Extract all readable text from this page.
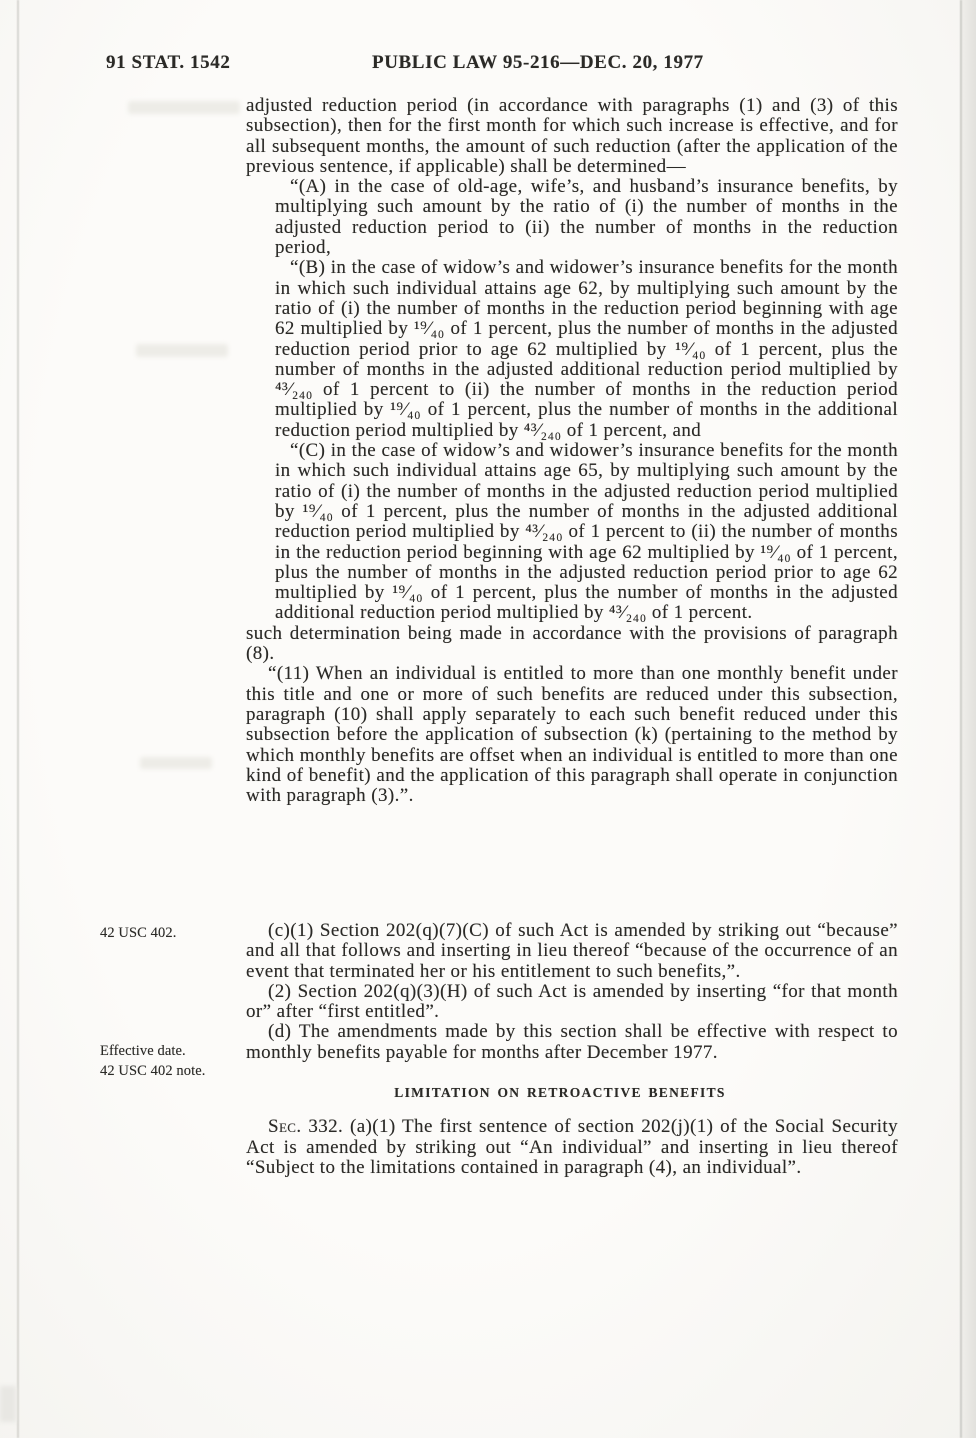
91 STAT. 1542	PUBLIC LAW 95-216—DEC. 20, 1977
42 USC 402.
Effective date.
42 USC 402 note.

adjusted reduction period (in accordance with paragraphs (1) and (3) of this subsection), then for the first month for which such increase is effective, and for all subsequent months, the amount of such reduction (after the application of the previous sentence, if applicable) shall be determined—

“(A) in the case of old-age, wife’s, and husband’s insurance benefits, by multiplying such amount by the ratio of (i) the number of months in the adjusted reduction period to (ii) the number of months in the reduction period,

“(B) in the case of widow’s and widower’s insurance benefits for the month in which such individual attains age 62, by multiplying such amount by the ratio of (i) the number of months in the reduction period beginning with age 62 multiplied by ¹⁹⁄₄₀ of 1 percent, plus the number of months in the adjusted reduction period prior to age 62 multiplied by ¹⁹⁄₄₀ of 1 percent, plus the number of months in the adjusted additional reduction period multiplied by ⁴³⁄₂₄₀ of 1 percent to (ii) the number of months in the reduction period multiplied by ¹⁹⁄₄₀ of 1 percent, plus the number of months in the additional reduction period multiplied by ⁴³⁄₂₄₀ of 1 percent, and

“(C) in the case of widow’s and widower’s insurance benefits for the month in which such individual attains age 65, by multiplying such amount by the ratio of (i) the number of months in the adjusted reduction period multiplied by ¹⁹⁄₄₀ of 1 percent, plus the number of months in the adjusted additional reduction period multiplied by ⁴³⁄₂₄₀ of 1 percent to (ii) the number of months in the reduction period beginning with age 62 multiplied by ¹⁹⁄₄₀ of 1 percent, plus the number of months in the adjusted reduction period prior to age 62 multiplied by ¹⁹⁄₄₀ of 1 percent, plus the number of months in the adjusted additional reduction period multiplied by ⁴³⁄₂₄₀ of 1 percent.

such determination being made in accordance with the provisions of paragraph (8).

“(11) When an individual is entitled to more than one monthly benefit under this title and one or more of such benefits are reduced under this subsection, paragraph (10) shall apply separately to each such benefit reduced under this subsection before the application of subsection (k) (pertaining to the method by which monthly benefits are offset when an individual is entitled to more than one kind of benefit) and the application of this paragraph shall operate in conjunction with paragraph (3).”.

(c)(1) Section 202(q)(7)(C) of such Act is amended by striking out “because” and all that follows and inserting in lieu thereof “because of the occurrence of an event that terminated her or his entitlement to such benefits,”.

(2) Section 202(q)(3)(H) of such Act is amended by inserting “for that month or” after “first entitled”.

(d) The amendments made by this section shall be effective with respect to monthly benefits payable for months after December 1977.

LIMITATION ON RETROACTIVE BENEFITS

Sec. 332. (a)(1) The first sentence of section 202(j)(1) of the Social Security Act is amended by striking out “An individual” and inserting in lieu thereof “Subject to the limitations contained in paragraph (4), an individual”.
